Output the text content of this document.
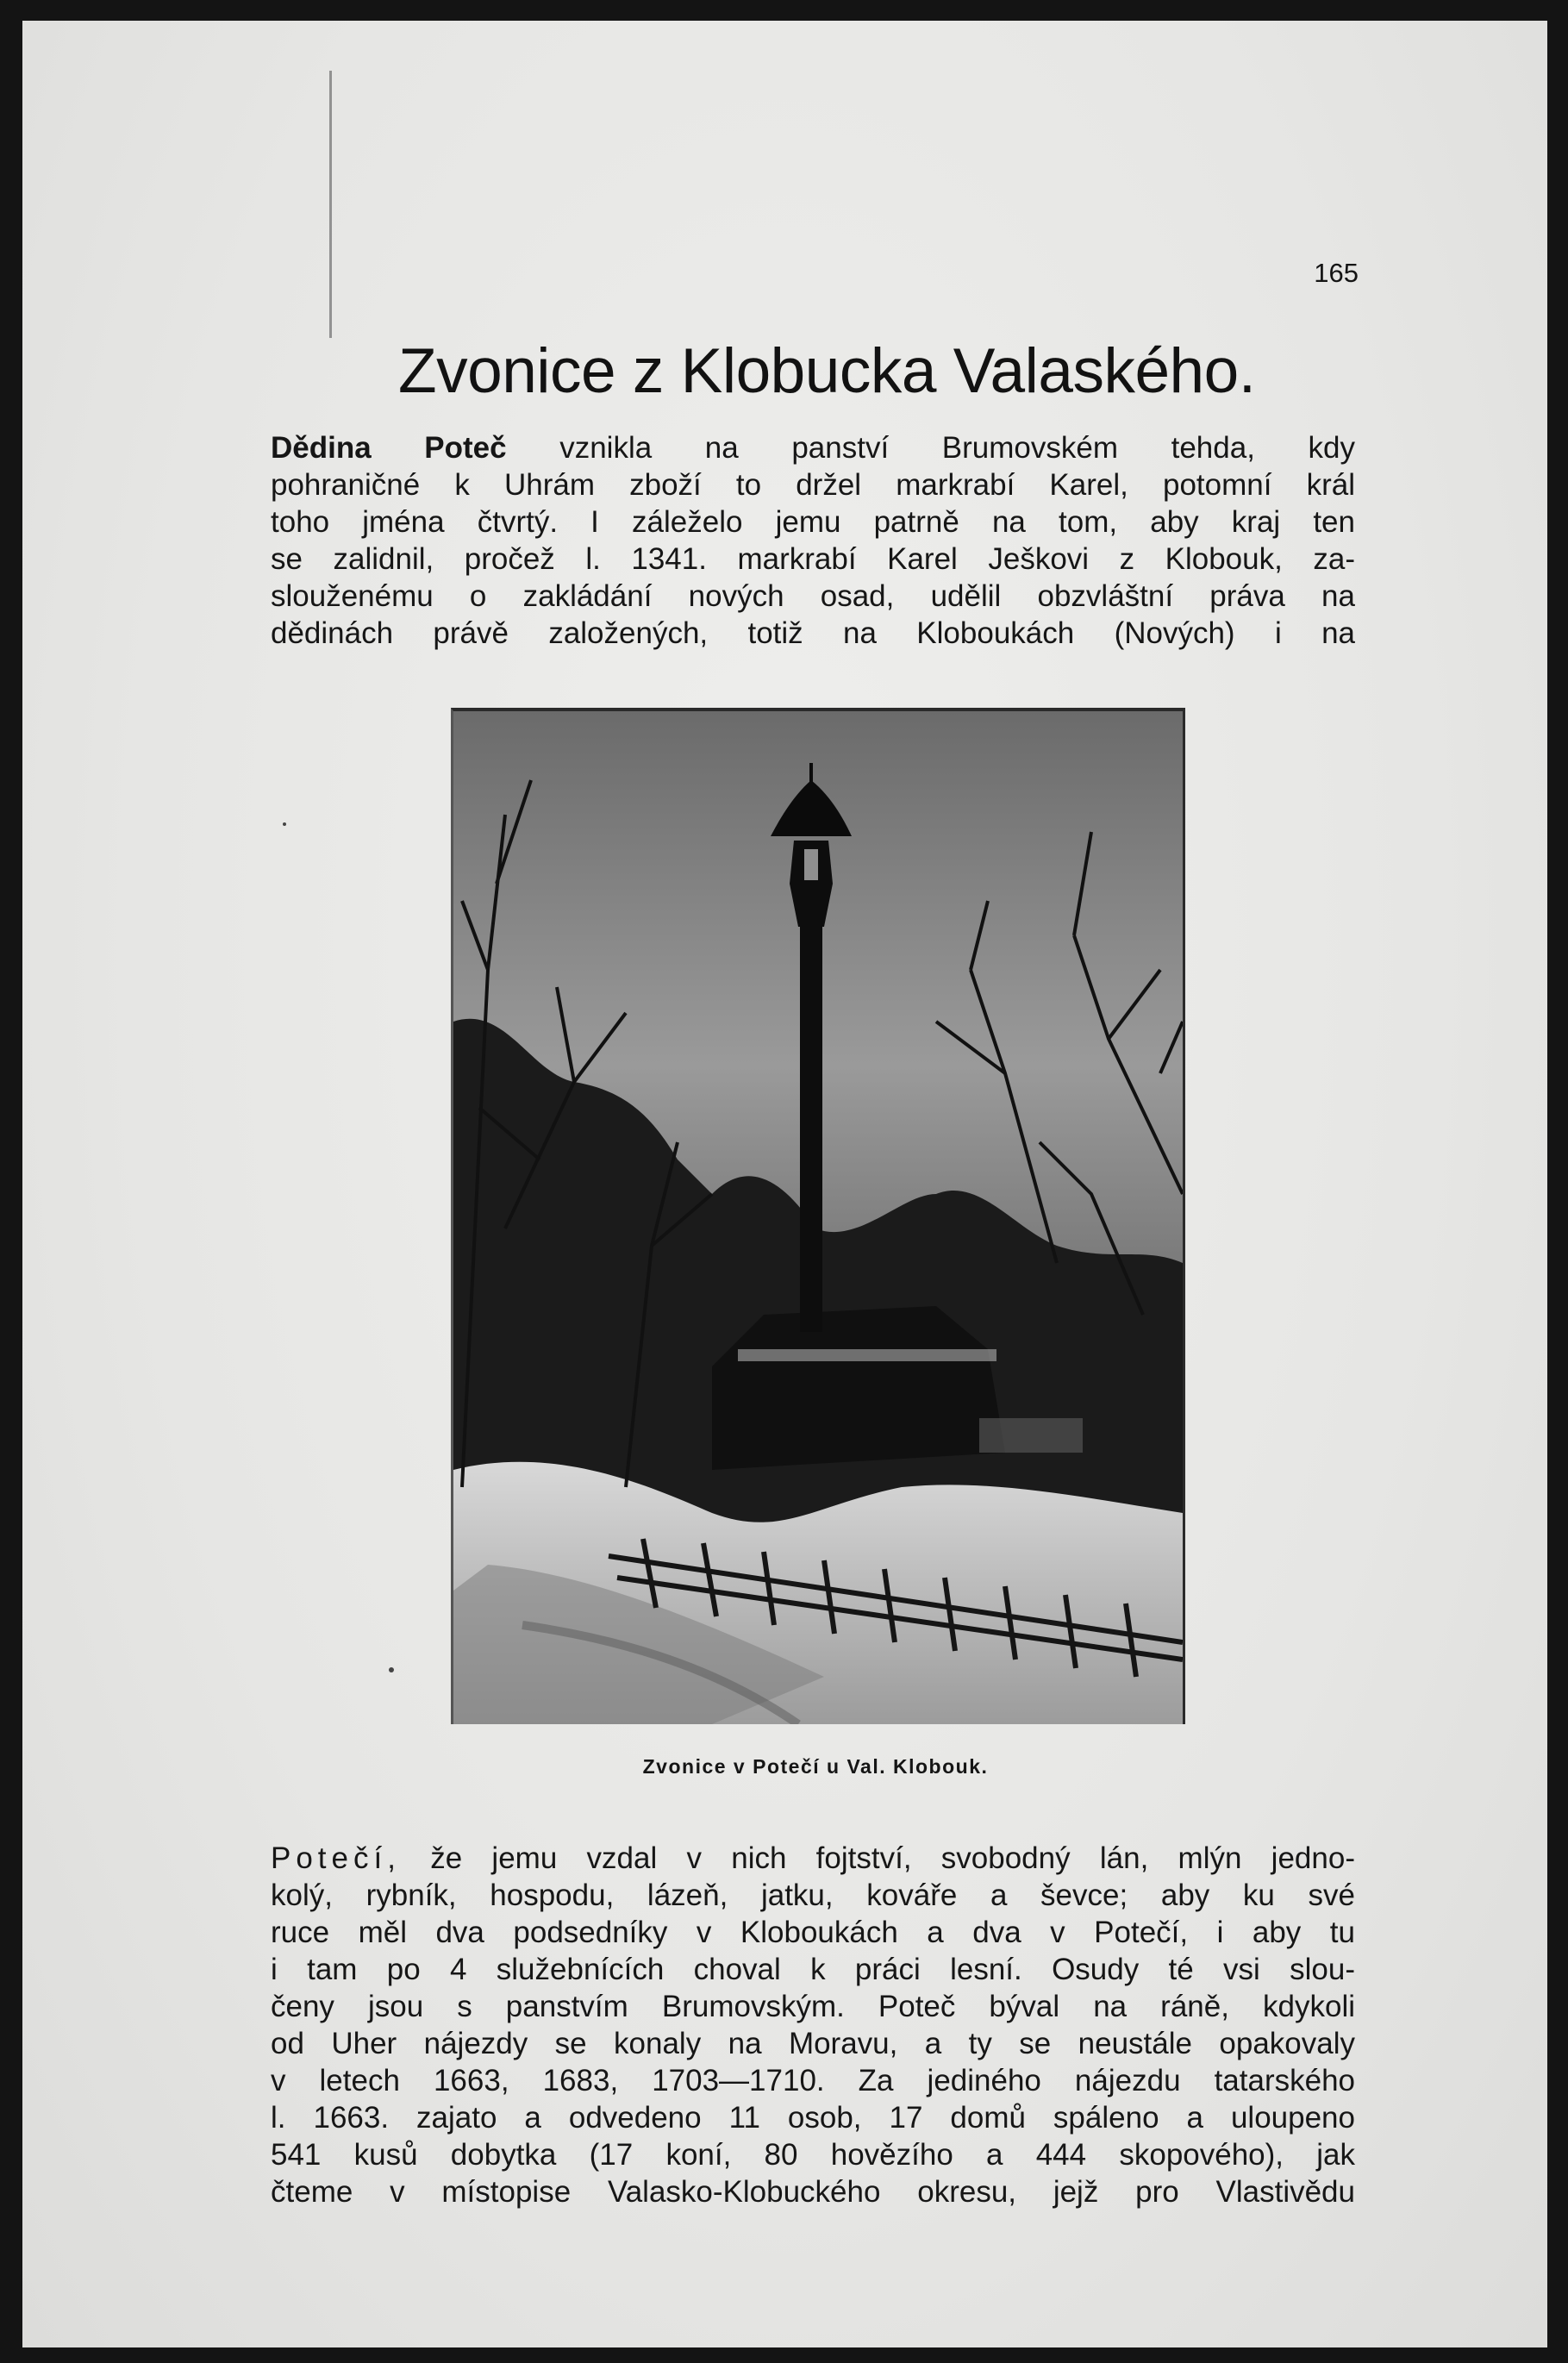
165

Zvonice z Klobucka Valaského.
Dědina Poteč vznikla na panství Brumovském tehda, kdy
pohraničné k Uhrám zboží to držel markrabí Karel, potomní král
toho jména čtvrtý. I záleželo jemu patrně na tom, aby kraj ten
se zalidnil, pročež l. 1341. markrabí Karel Ješkovi z Klobouk, za-
slouženému o zakládání nových osad, udělil obzvláštní práva na
dědinách právě založených, totiž na Kloboukách (Nových) i na

Zvonice v Potečí u Val. Klobouk.

Potečí, že jemu vzdal v nich fojtství, svobodný lán, mlýn jedno-
kolý, rybník, hospodu, lázeň, jatku, kováře a ševce; aby ku své
ruce měl dva podsedníky v Kloboukách a dva v Potečí, i aby tu
i tam po 4 služebnících choval k práci lesní. Osudy té vsi slou-
čeny jsou s panstvím Brumovským. Poteč býval na ráně, kdykoli
od Uher nájezdy se konaly na Moravu, a ty se neustále opakovaly
v letech 1663, 1683, 1703—1710. Za jediného nájezdu tatarského
l. 1663. zajato a odvedeno 11 osob, 17 domů spáleno a uloupeno
541 kusů dobytka (17 koní, 80 hovězího a 444 skopového), jak
čteme v místopise Valasko-Klobuckého okresu, jejž pro Vlastivědu
